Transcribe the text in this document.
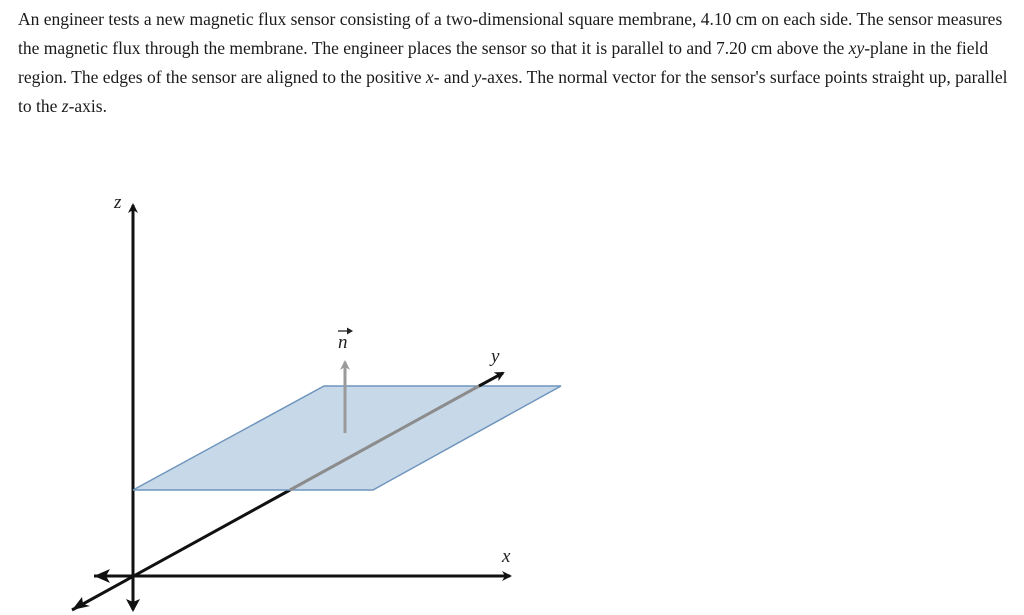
An engineer tests a new magnetic flux sensor consisting of a two-dimensional square membrane, 4.10 cm on each side. The sensor measures the magnetic flux through the membrane. The engineer places the sensor so that it is parallel to and 7.20 cm above the xy-plane in the field region. The edges of the sensor are aligned to the positive x- and y-axes. The normal vector for the sensor's surface points straight up, parallel to the z-axis.

z
y
x
n
